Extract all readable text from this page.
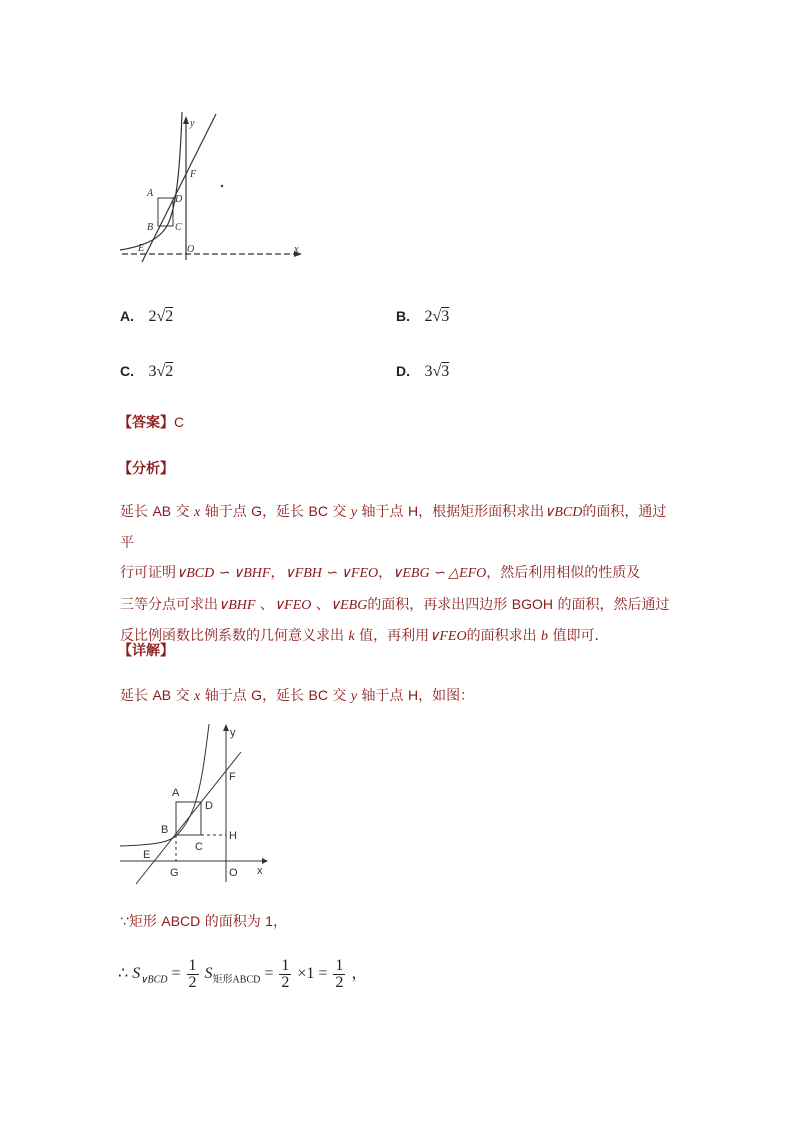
y
x
A
B C
D
E
F
O
A. 2√2	B. 2√3
C. 3√2	D. 3√3
【答案】C
【分析】
延长 AB 交 x 轴于点 G，延长 BC 交 y 轴于点 H，根据矩形面积求出∨BCD的面积，通过平
行可证明∨BCD ∽ ∨BHF，∨FBH ∽ ∨FEO，∨EBG ∽ △EFO，然后利用相似的性质及
三等分点可求出∨BHF 、∨FEO 、∨EBG的面积，再求出四边形 BGOH 的面积，然后通过
反比例函数比例系数的几何意义求出 k 值，再利用∨FEO的面积求出 b 值即可．
【详解】
延长 AB 交 x 轴于点 G，延长 BC 交 y 轴于点 H，如图：
y
x
A
B
C
D
E
F
G
H
O
∵矩形 ABCD 的面积为 1，
∴ $S_{\vee BCD} = \frac{1}{2} S_{矩形ABCD} = \frac{1}{2} \times 1 = \frac{1}{2}$ ，
